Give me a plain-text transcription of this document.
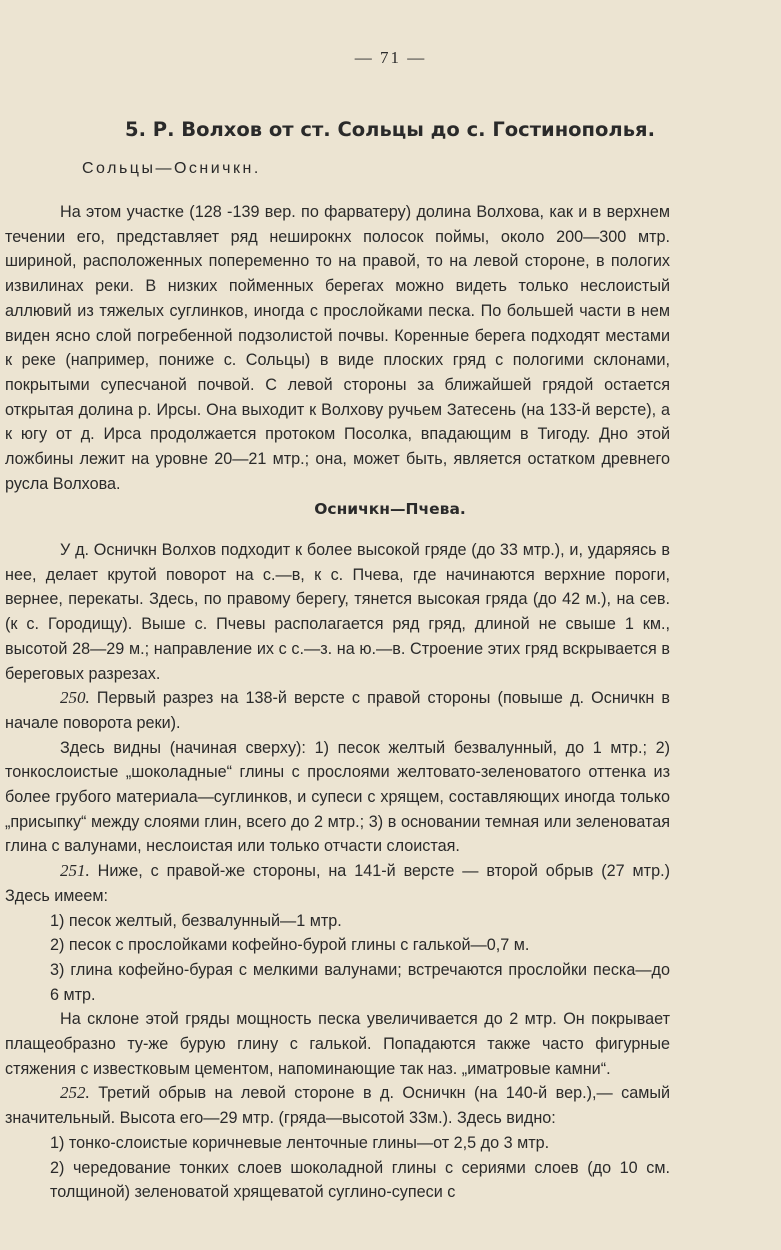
— 71 —
5. Р. Волхов от ст. Сольцы до с. Гостинополья.
Сольцы—Осничкн.

На этом участке (128 -139 вер. по фарватеру) долина Волхова, как и в верхнем течении его, представляет ряд неширокнх полосок поймы, около 200—300 мтр. шириной, расположенных попеременно то на правой, то на левой стороне, в пологих извилинах реки. В низких пойменных берегах можно видеть только неслоистый аллювий из тяжелых суглинков, иногда с прослойками песка. По большей части в нем виден ясно слой погребенной подзолистой почвы. Коренные берега подходят местами к реке (например, пониже с. Сольцы) в виде плоских гряд с пологими склонами, покрытыми супесчаной почвой. С левой стороны за ближайшей грядой остается открытая долина р. Ирсы. Она выходит к Волхову ручьем Затесень (на 133-й версте), а к югу от д. Ирса продолжается протоком Посолка, впадающим в Тигоду. Дно этой ложбины лежит на уровне 20—21 мтр.; она, может быть, является остатком древнего русла Волхова.

Осничкн—Пчева.

У д. Осничкн Волхов подходит к более высокой гряде (до 33 мтр.), и, ударяясь в нее, делает крутой поворот на с.—в, к с. Пчева, где начинаются верхние пороги, вернее, перекаты. Здесь, по правому берегу, тянется высокая гряда (до 42 м.), на сев. (к с. Городищу). Выше с. Пчевы располагается ряд гряд, длиной не свыше 1 км., высотой 28—29 м.; направление их с с.—з. на ю.—в. Строение этих гряд вскрывается в береговых разрезах.

250. Первый разрез на 138-й версте с правой стороны (повыше д. Осничкн в начале поворота реки).

Здесь видны (начиная сверху): 1) песок желтый безвалунный, до 1 мтр.; 2) тонкослоистые „шоколадные“ глины с прослоями желтовато-зеленоватого оттенка из более грубого материала—суглинков, и супеси с хрящем, составляющих иногда только „присыпку“ между слоями глин, всего до 2 мтр.; 3) в основании темная или зеленоватая глина с валунами, неслоистая или только отчасти слоистая.

251. Ниже, с правой-же стороны, на 141-й версте — второй обрыв (27 мтр.) Здесь имеем:

1) песок желтый, безвалунный—1 мтр.

2) песок с прослойками кофейно-бурой глины с галькой—0,7 м.

3) глина кофейно-бурая с мелкими валунами; встречаются прослойки песка—до 6 мтр.

На склоне этой гряды мощность песка увеличивается до 2 мтр. Он покрывает плащеобразно ту-же бурую глину с галькой. Попадаются также часто фигурные стяжения с известковым цементом, напоминающие так наз. „иматровые камни“.

252. Третий обрыв на левой стороне в д. Осничкн (на 140-й вер.),— самый значительный. Высота его—29 мтр. (гряда—высотой 33м.). Здесь видно:

1) тонко-слоистые коричневые ленточные глины—от 2,5 до 3 мтр.

2) чередование тонких слоев шоколадной глины с сериями слоев (до 10 см. толщиной) зеленоватой хрящеватой суглино-супеси с
